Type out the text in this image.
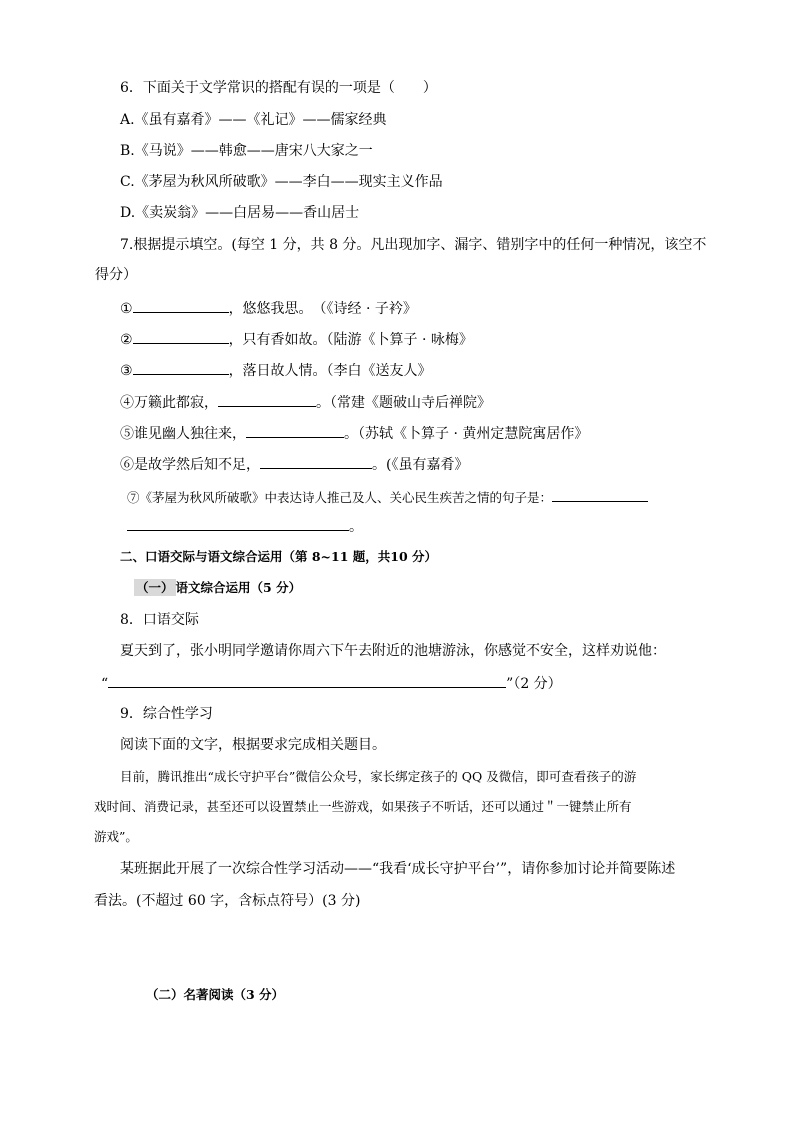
6．下面关于文学常识的搭配有误的一项是（　　）
A.《虽有嘉肴》——《礼记》——儒家经典
B.《马说》——韩愈——唐宋八大家之一
C.《茅屋为秋风所破歌》——李白——现实主义作品
D.《卖炭翁》——白居易——香山居士
7.根据提示填空。(每空 1 分，共 8 分。凡出现加字、漏字、错别字中的任何一种情况，该空不
得分）
①	，悠悠我思。　（《诗经 · 子衿》
②	，只有香如故。（陆游《卜算子 · 咏梅》
③	，落日故人情。（李白《送友人》
④万籁此都寂，	。（常建《题破山寺后禅院》
⑤谁见幽人独往来，	。（苏轼《卜算子 · 黄州定慧院寓居作》
⑥是故学然后知不足，	。(《虽有嘉肴》
⑦《茅屋为秋风所破歌》中表达诗人推己及人、关心民生疾苦之情的句子是：
。
二、口语交际与语文综合运用（第 8~11 题，共10 分）
（一） 语文综合运用（5 分）
8．口语交际
夏天到了，张小明同学邀请你周六下午去附近的池塘游泳，你感觉不安全，这样劝说他：
“	”（2 分）
9．综合性学习
阅读下面的文字，根据要求完成相关题目。
目前，腾讯推出“成长守护平台”微信公众号，家长绑定孩子的 QQ 及微信，即可查看孩子的游
戏时间、消费记录，甚至还可以设置禁止一些游戏，如果孩子不听话，还可以通过＂一键禁止所有
游戏”。
某班据此开展了一次综合性学习活动——“我看‘成长守护平台’”，请你参加讨论并简要陈述
看法。(不超过 60 字，含标点符号）(3 分)
（二）名著阅读（3 分）
